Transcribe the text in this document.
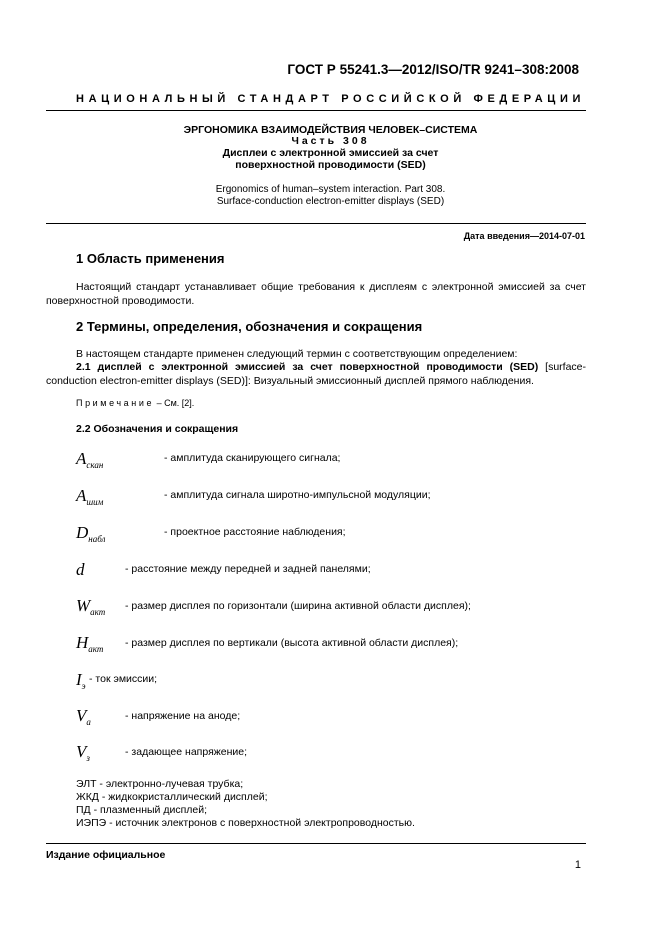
ГОСТ Р 55241.3—2012/ISO/TR 9241–308:2008
НАЦИОНАЛЬНЫЙ СТАНДАРТ РОССИЙСКОЙ ФЕДЕРАЦИИ
ЭРГОНОМИКА ВЗАИМОДЕЙСТВИЯ ЧЕЛОВЕК–СИСТЕМА
Часть 308
Дисплеи с электронной эмиссией за счет
поверхностной проводимости (SED)
Ergonomics of human–system interaction. Part 308.
Surface-conduction electron-emitter displays (SED)
Дата введения—2014-07-01
1 Область применения
Настоящий стандарт устанавливает общие требования к дисплеям с электронной эмиссией за счет поверхностной проводимости.
2 Термины, определения, обозначения и сокращения
В настоящем стандарте применен следующий термин с соответствующим определением:
2.1 дисплей с электронной эмиссией за счет поверхностной проводимости (SED) [surface-conduction electron-emitter displays (SED)]: Визуальный эмиссионный дисплей прямого наблюдения.
Примечание – См. [2].
2.2 Обозначения и сокращения
$A_{скан}$
- амплитуда сканирующего сигнала;
$A_{шим}$
- амплитуда сигнала широтно-импульсной модуляции;
$D_{набл}$
- проектное расстояние наблюдения;
d	- расстояние между передней и задней панелями;
$W_{акт}$ - размер дисплея по горизонтали (ширина активной области дисплея);
$H_{акт}$ - размер дисплея по вертикали (высота активной области дисплея);
$I_э$
- ток эмиссии;
$V_a$	- напряжение на аноде;
$V_з$	- задающее напряжение;
ЭЛТ - электронно-лучевая трубка;
ЖКД - жидкокристаллический дисплей;
ПД - плазменный дисплей;
ИЭПЭ - источник электронов с поверхностной электропроводностью.
Издание официальное
1
